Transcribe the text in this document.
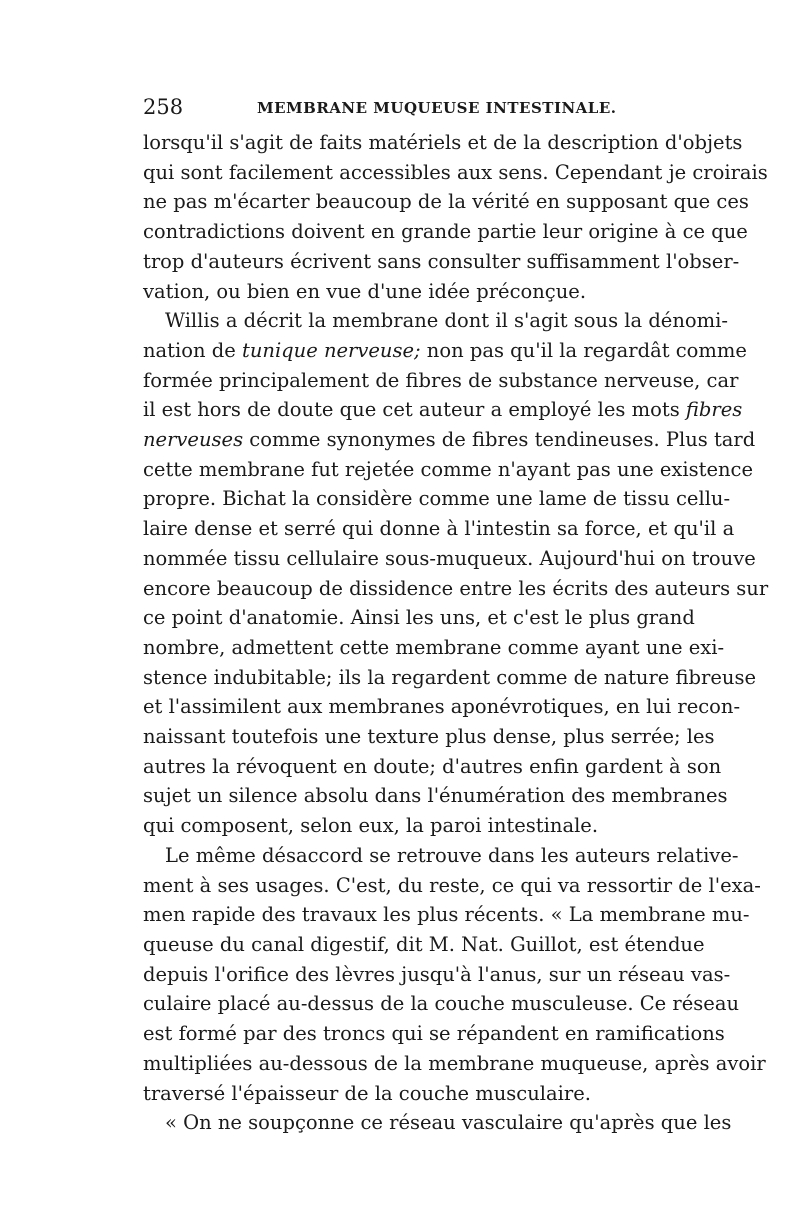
258	MEMBRANE MUQUEUSE INTESTINALE.
lorsqu'il s'agit de faits matériels et de la description d'objets
qui sont facilement accessibles aux sens. Cependant je croirais
ne pas m'écarter beaucoup de la vérité en supposant que ces
contradictions doivent en grande partie leur origine à ce que
trop d'auteurs écrivent sans consulter suffisamment l'obser-
vation, ou bien en vue d'une idée préconçue.
Willis a décrit la membrane dont il s'agit sous la dénomi-
nation de tunique nerveuse; non pas qu'il la regardât comme
formée principalement de fibres de substance nerveuse, car
il est hors de doute que cet auteur a employé les mots fibres
nerveuses comme synonymes de fibres tendineuses. Plus tard
cette membrane fut rejetée comme n'ayant pas une existence
propre. Bichat la considère comme une lame de tissu cellu-
laire dense et serré qui donne à l'intestin sa force, et qu'il a
nommée tissu cellulaire sous-muqueux. Aujourd'hui on trouve
encore beaucoup de dissidence entre les écrits des auteurs sur
ce point d'anatomie. Ainsi les uns, et c'est le plus grand
nombre, admettent cette membrane comme ayant une exi-
stence indubitable; ils la regardent comme de nature fibreuse
et l'assimilent aux membranes aponévrotiques, en lui recon-
naissant toutefois une texture plus dense, plus serrée; les
autres la révoquent en doute; d'autres enfin gardent à son
sujet un silence absolu dans l'énumération des membranes
qui composent, selon eux, la paroi intestinale.
Le même désaccord se retrouve dans les auteurs relative-
ment à ses usages. C'est, du reste, ce qui va ressortir de l'exa-
men rapide des travaux les plus récents. « La membrane mu-
queuse du canal digestif, dit M. Nat. Guillot, est étendue
depuis l'orifice des lèvres jusqu'à l'anus, sur un réseau vas-
culaire placé au-dessus de la couche musculeuse. Ce réseau
est formé par des troncs qui se répandent en ramifications
multipliées au-dessous de la membrane muqueuse, après avoir
traversé l'épaisseur de la couche musculaire.
« On ne soupçonne ce réseau vasculaire qu'après que les
